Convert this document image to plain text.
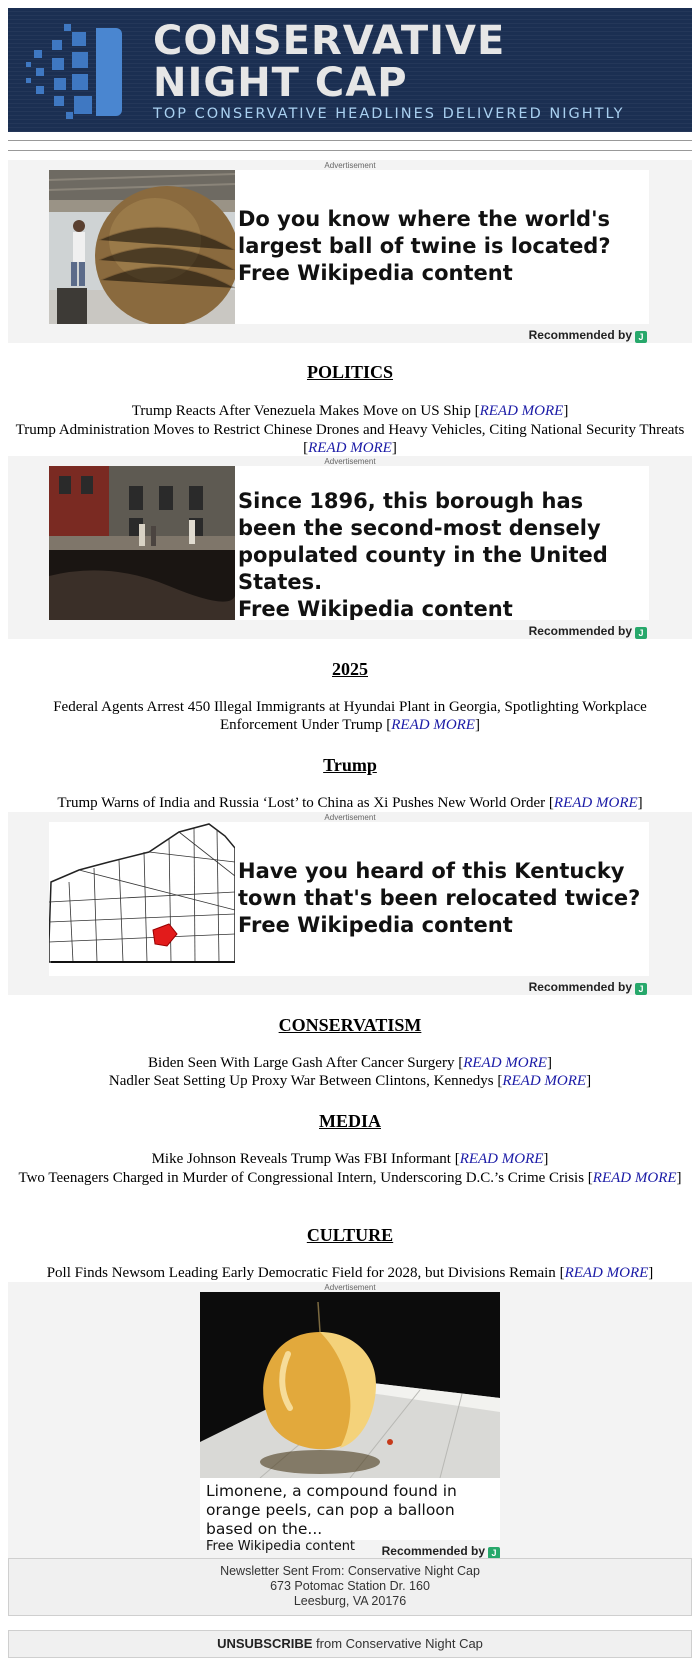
CONSERVATIVE
NIGHT CAP
TOP CONSERVATIVE HEADLINES DELIVERED NIGHTLY
Advertisement
Do you know where the world's largest ball of twine is located?
Free Wikipedia content
Recommended by J
POLITICS
Trump Reacts After Venezuela Makes Move on US Ship [READ MORE]
Trump Administration Moves to Restrict Chinese Drones and Heavy Vehicles, Citing National Security Threats [READ MORE]
Advertisement
Since 1896, this borough has been the second-most densely populated county in the United States.
Free Wikipedia content
Recommended by J
2025
Federal Agents Arrest 450 Illegal Immigrants at Hyundai Plant in Georgia, Spotlighting Workplace Enforcement Under Trump [READ MORE]
Trump
Trump Warns of India and Russia ‘Lost’ to China as Xi Pushes New World Order [READ MORE]
Advertisement
Have you heard of this Kentucky town that's been relocated twice?
Free Wikipedia content
Recommended by J
CONSERVATISM
Biden Seen With Large Gash After Cancer Surgery [READ MORE]
Nadler Seat Setting Up Proxy War Between Clintons, Kennedys [READ MORE]
MEDIA
Mike Johnson Reveals Trump Was FBI Informant [READ MORE]
Two Teenagers Charged in Murder of Congressional Intern, Underscoring D.C.’s Crime Crisis [READ MORE]
CULTURE
Poll Finds Newsom Leading Early Democratic Field for 2028, but Divisions Remain [READ MORE]
Advertisement
Limonene, a compound found in orange peels, can pop a balloon based on the...
Free Wikipedia content	Recommended by J
Newsletter Sent From: Conservative Night Cap
673 Potomac Station Dr. 160
Leesburg, VA 20176
UNSUBSCRIBE from Conservative Night Cap
